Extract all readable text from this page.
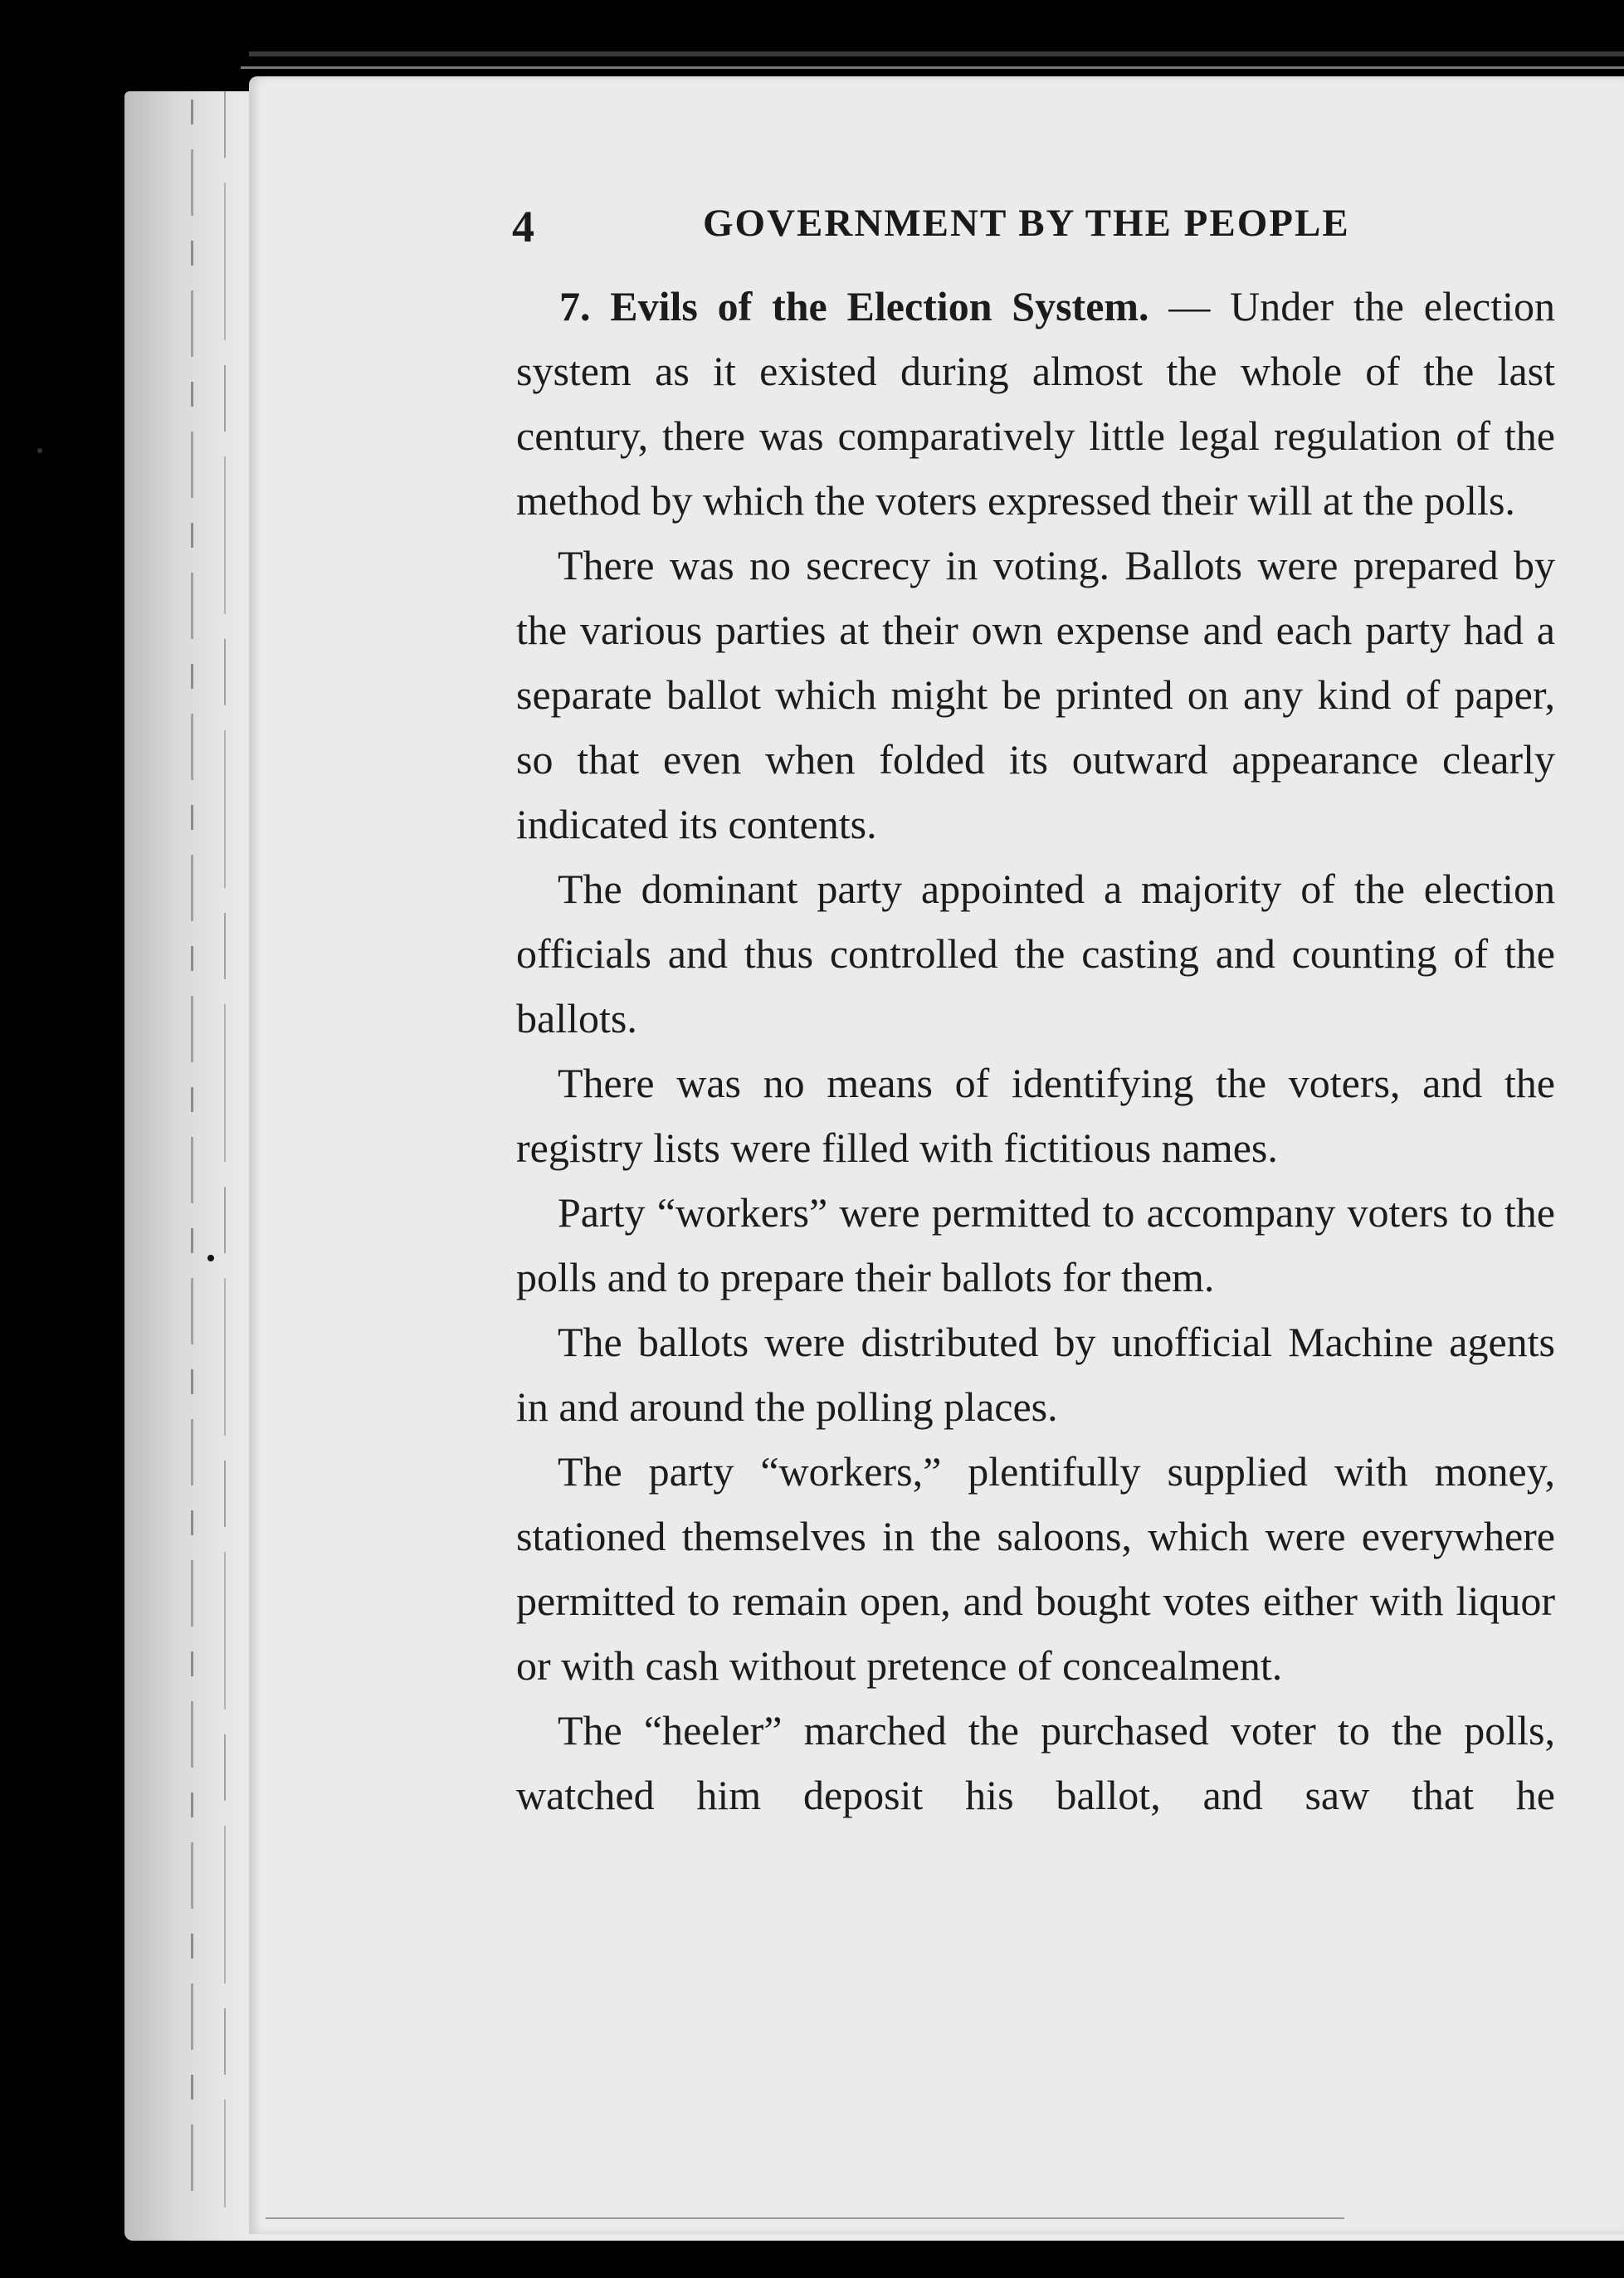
4	GOVERNMENT BY THE PEOPLE

7. Evils of the Election System. — Under the election system as it existed during almost the whole of the last century, there was comparatively little legal regulation of the method by which the voters expressed their will at the polls.

There was no secrecy in voting. Ballots were prepared by the various parties at their own expense and each party had a separate ballot which might be printed on any kind of paper, so that even when folded its outward appearance clearly indicated its contents.

The dominant party appointed a majority of the election officials and thus controlled the casting and counting of the ballots.

There was no means of identifying the voters, and the registry lists were filled with fictitious names.

Party “workers” were permitted to accompany voters to the polls and to prepare their ballots for them.

The ballots were distributed by unofficial Machine agents in and around the polling places.

The party “workers,” plentifully supplied with money, stationed themselves in the saloons, which were everywhere permitted to remain open, and bought votes either with liquor or with cash without pretence of concealment.

The “heeler” marched the purchased voter to the polls, watched him deposit his ballot, and saw that he
